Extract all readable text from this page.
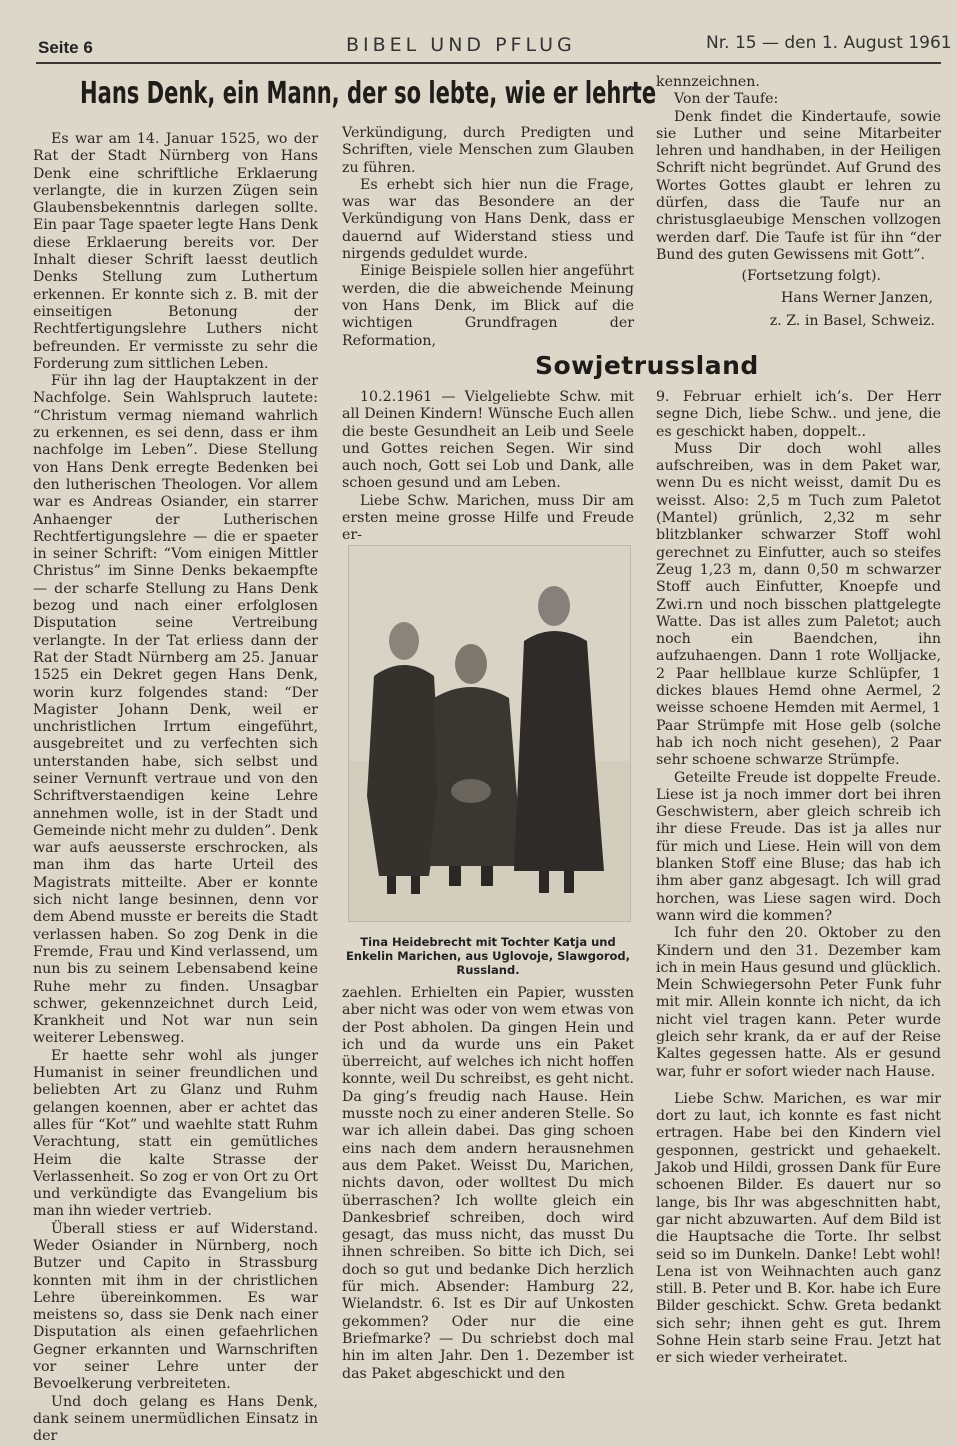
Seite 6	BIBEL UND PFLUG	Nr. 15 — den 1. August 1961
Hans Denk, ein Mann, der so lebte, wie er lehrte

Es war am 14. Januar 1525, wo der Rat der Stadt Nürnberg von Hans Denk eine schriftliche Erklaerung verlangte, die in kurzen Zügen sein Glaubensbekenntnis darlegen sollte. Ein paar Tage spaeter legte Hans Denk diese Erklaerung bereits vor. Der Inhalt dieser Schrift laesst deutlich Denks Stellung zum Luthertum erkennen. Er konnte sich z. B. mit der einseitigen Betonung der Rechtfertigungslehre Luthers nicht befreunden. Er vermisste zu sehr die Forderung zum sittlichen Leben.

Für ihn lag der Hauptakzent in der Nachfolge. Sein Wahlspruch lautete: “Christum vermag niemand wahrlich zu erkennen, es sei denn, dass er ihm nachfolge im Leben”. Diese Stellung von Hans Denk erregte Bedenken bei den lutherischen Theologen. Vor allem war es Andreas Osiander, ein starrer Anhaenger der Lutherischen Rechtfertigungslehre — die er spaeter in seiner Schrift: “Vom einigen Mittler Christus” im Sinne Denks bekaempfte — der scharfe Stellung zu Hans Denk bezog und nach einer erfolglosen Disputation seine Vertreibung verlangte. In der Tat erliess dann der Rat der Stadt Nürnberg am 25. Januar 1525 ein Dekret gegen Hans Denk, worin kurz folgendes stand: “Der Magister Johann Denk, weil er unchristlichen Irrtum eingeführt, ausgebreitet und zu verfechten sich unterstanden habe, sich selbst und seiner Vernunft vertraue und von den Schriftverstaendigen keine Lehre annehmen wolle, ist in der Stadt und Gemeinde nicht mehr zu dulden”. Denk war aufs aeusserste erschrocken, als man ihm das harte Urteil des Magistrats mitteilte. Aber er konnte sich nicht lange besinnen, denn vor dem Abend musste er bereits die Stadt verlassen haben. So zog Denk in die Fremde, Frau und Kind verlassend, um nun bis zu seinem Lebensabend keine Ruhe mehr zu finden. Unsagbar schwer, gekennzeichnet durch Leid, Krankheit und Not war nun sein weiterer Lebensweg.

Er haette sehr wohl als junger Humanist in seiner freundlichen und beliebten Art zu Glanz und Ruhm gelangen koennen, aber er achtet das alles für “Kot” und waehlte statt Ruhm Verachtung, statt ein gemütliches Heim die kalte Strasse der Verlassenheit. So zog er von Ort zu Ort und verkündigte das Evangelium bis man ihn wieder vertrieb.

Überall stiess er auf Widerstand. Weder Osiander in Nürnberg, noch Butzer und Capito in Strassburg konnten mit ihm in der christlichen Lehre übereinkommen. Es war meistens so, dass sie Denk nach einer Disputation als einen gefaehrlichen Gegner erkannten und Warnschriften vor seiner Lehre unter der Bevoelkerung verbreiteten.

Und doch gelang es Hans Denk, dank seinem unermüdlichen Einsatz in der

Verkündigung, durch Predigten und Schriften, viele Menschen zum Glauben zu führen.

Es erhebt sich hier nun die Frage, was war das Besondere an der Verkündigung von Hans Denk, dass er dauernd auf Widerstand stiess und nirgends geduldet wurde.

Einige Beispiele sollen hier angeführt werden, die die abweichende Meinung von Hans Denk, im Blick auf die wichtigen Grundfragen der Reformation,

kennzeichnen.

Von der Taufe:

Denk findet die Kindertaufe, sowie sie Luther und seine Mitarbeiter lehren und handhaben, in der Heiligen Schrift nicht begründet. Auf Grund des Wortes Gottes glaubt er lehren zu dürfen, dass die Taufe nur an christusglaeubige Menschen vollzogen werden darf. Die Taufe ist für ihn “der Bund des guten Gewissens mit Gott”.

(Fortsetzung folgt).

Hans Werner Janzen,

z. Z. in Basel, Schweiz.

Sowjetrussland

10.2.1961 — Vielgeliebte Schw. mit all Deinen Kindern! Wünsche Euch allen die beste Gesundheit an Leib und Seele und Gottes reichen Segen. Wir sind auch noch, Gott sei Lob und Dank, alle schoen gesund und am Leben.

Liebe Schw. Marichen, muss Dir am ersten meine grosse Hilfe und Freude er-

Tina Heidebrecht mit Tochter Katja und Enkelin Marichen, aus Uglovoje, Slawgorod, Russland.

zaehlen. Erhielten ein Papier, wussten aber nicht was oder von wem etwas von der Post abholen. Da gingen Hein und ich und da wurde uns ein Paket überreicht, auf welches ich nicht hoffen konnte, weil Du schreibst, es geht nicht. Da ging’s freudig nach Hause. Hein musste noch zu einer anderen Stelle. So war ich allein dabei. Das ging schoen eins nach dem andern herausnehmen aus dem Paket. Weisst Du, Marichen, nichts davon, oder wolltest Du mich überraschen? Ich wollte gleich ein Dankesbrief schreiben, doch wird gesagt, das muss nicht, das musst Du ihnen schreiben. So bitte ich Dich, sei doch so gut und bedanke Dich herzlich für mich. Absender: Hamburg 22, Wielandstr. 6. Ist es Dir auf Unkosten gekommen? Oder nur die eine Briefmarke? — Du schriebst doch mal hin im alten Jahr. Den 1. Dezember ist das Paket abgeschickt und den

9. Februar erhielt ich’s. Der Herr segne Dich, liebe Schw.. und jene, die es geschickt haben, doppelt..

Muss Dir doch wohl alles aufschreiben, was in dem Paket war, wenn Du es nicht weisst, damit Du es weisst. Also: 2,5 m Tuch zum Paletot (Mantel) grünlich, 2,32 m sehr blitzblanker schwarzer Stoff wohl gerechnet zu Einfutter, auch so steifes Zeug 1,23 m, dann 0,50 m schwarzer Stoff auch Einfutter, Knoepfe und Zwi.rn und noch bisschen plattgelegte Watte. Das ist alles zum Paletot; auch noch ein Baendchen, ihn aufzuhaengen. Dann 1 rote Wolljacke, 2 Paar hellblaue kurze Schlüpfer, 1 dickes blaues Hemd ohne Aermel, 2 weisse schoene Hemden mit Aermel, 1 Paar Strümpfe mit Hose gelb (solche hab ich noch nicht gesehen), 2 Paar sehr schoene schwarze Strümpfe.

Geteilte Freude ist doppelte Freude. Liese ist ja noch immer dort bei ihren Geschwistern, aber gleich schreib ich ihr diese Freude. Das ist ja alles nur für mich und Liese. Hein will von dem blanken Stoff eine Bluse; das hab ich ihm aber ganz abgesagt. Ich will grad horchen, was Liese sagen wird. Doch wann wird die kommen?

Ich fuhr den 20. Oktober zu den Kindern und den 31. Dezember kam ich in mein Haus gesund und glücklich. Mein Schwiegersohn Peter Funk fuhr mit mir. Allein konnte ich nicht, da ich nicht viel tragen kann. Peter wurde gleich sehr krank, da er auf der Reise Kaltes gegessen hatte. Als er gesund war, fuhr er sofort wieder nach Hause.

Liebe Schw. Marichen, es war mir dort zu laut, ich konnte es fast nicht ertragen. Habe bei den Kindern viel gesponnen, gestrickt und gehaekelt. Jakob und Hildi, grossen Dank für Eure schoenen Bilder. Es dauert nur so lange, bis Ihr was abgeschnitten habt, gar nicht abzuwarten. Auf dem Bild ist die Hauptsache die Torte. Ihr selbst seid so im Dunkeln. Danke! Lebt wohl! Lena ist von Weihnachten auch ganz still. B. Peter und B. Kor. habe ich Eure Bilder geschickt. Schw. Greta bedankt sich sehr; ihnen geht es gut. Ihrem Sohne Hein starb seine Frau. Jetzt hat er sich wieder verheiratet.
